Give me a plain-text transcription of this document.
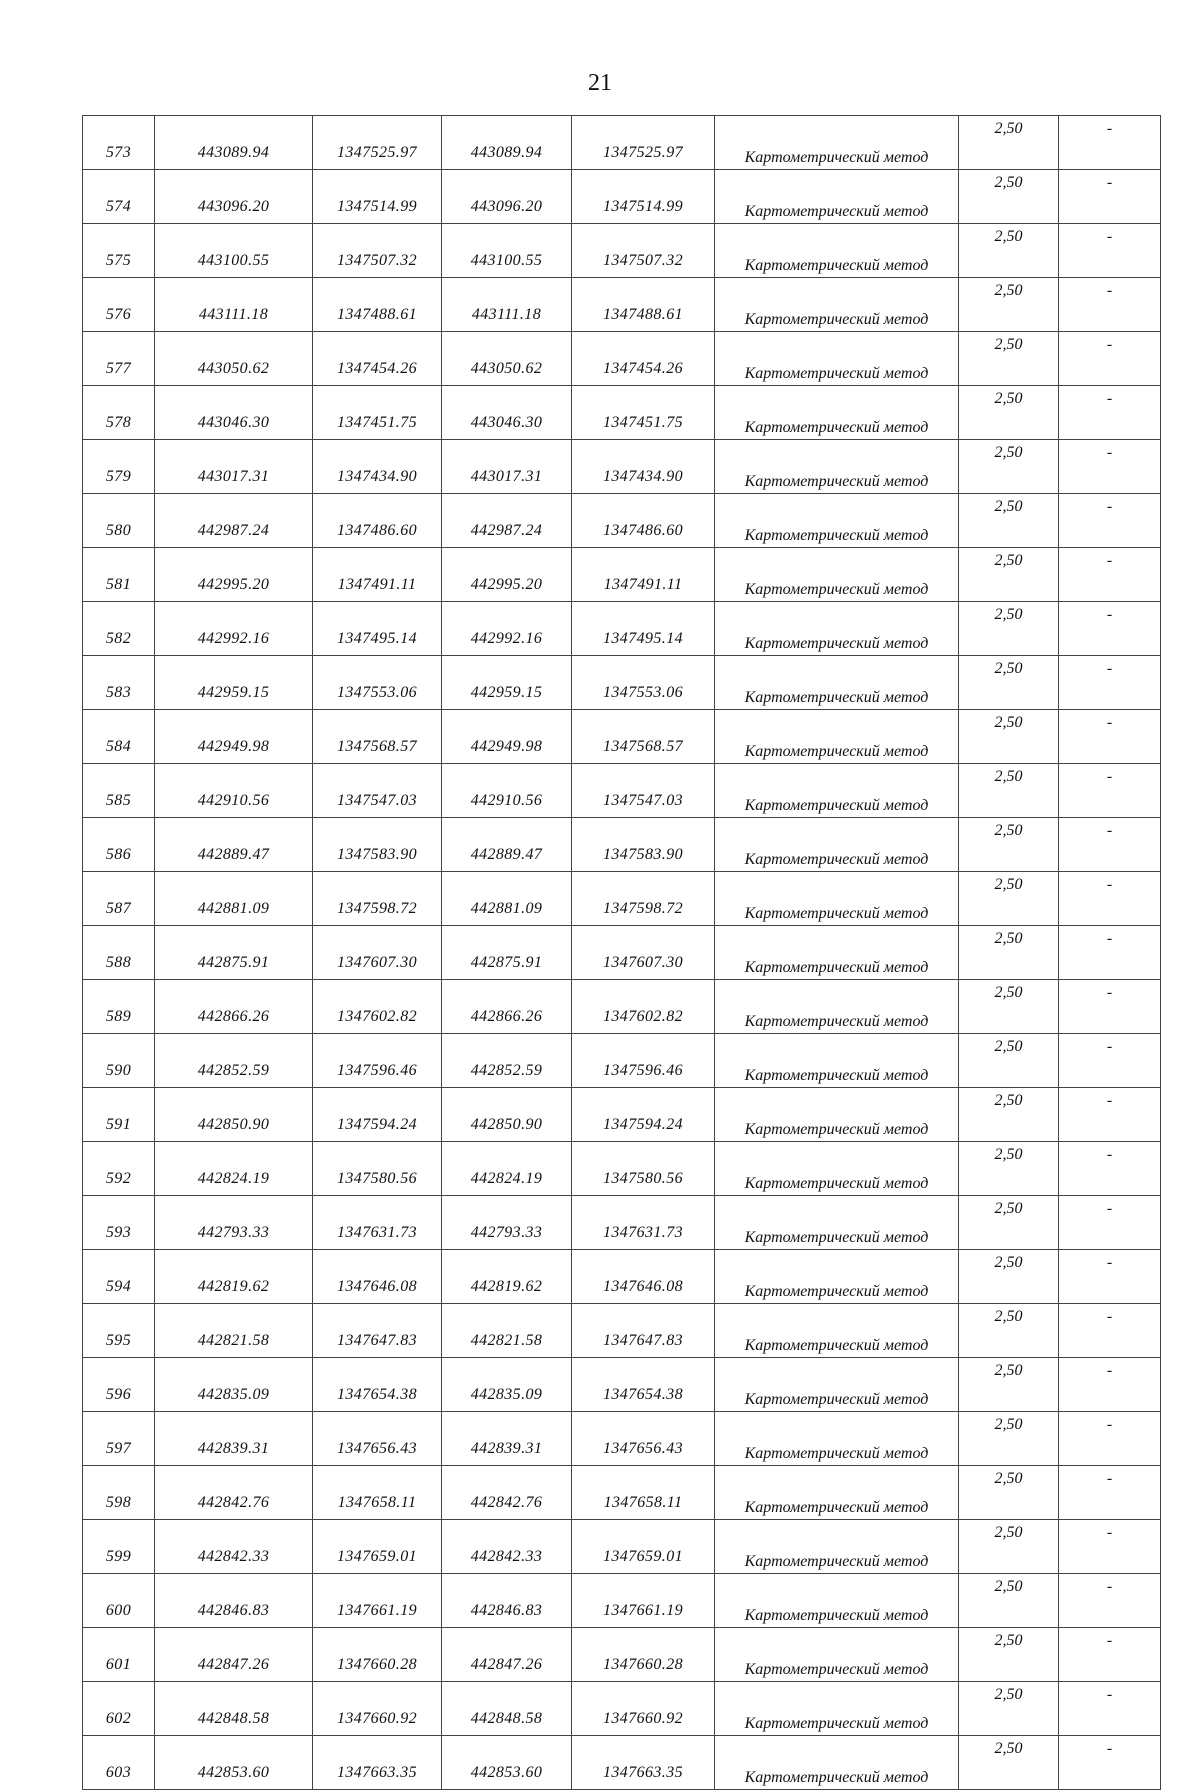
21
573	443089.94	1347525.97	443089.94	1347525.97	Картометрический метод	2,50	-
574	443096.20	1347514.99	443096.20	1347514.99	Картометрический метод	2,50	-
575	443100.55	1347507.32	443100.55	1347507.32	Картометрический метод	2,50	-
576	443111.18	1347488.61	443111.18	1347488.61	Картометрический метод	2,50	-
577	443050.62	1347454.26	443050.62	1347454.26	Картометрический метод	2,50	-
578	443046.30	1347451.75	443046.30	1347451.75	Картометрический метод	2,50	-
579	443017.31	1347434.90	443017.31	1347434.90	Картометрический метод	2,50	-
580	442987.24	1347486.60	442987.24	1347486.60	Картометрический метод	2,50	-
581	442995.20	1347491.11	442995.20	1347491.11	Картометрический метод	2,50	-
582	442992.16	1347495.14	442992.16	1347495.14	Картометрический метод	2,50	-
583	442959.15	1347553.06	442959.15	1347553.06	Картометрический метод	2,50	-
584	442949.98	1347568.57	442949.98	1347568.57	Картометрический метод	2,50	-
585	442910.56	1347547.03	442910.56	1347547.03	Картометрический метод	2,50	-
586	442889.47	1347583.90	442889.47	1347583.90	Картометрический метод	2,50	-
587	442881.09	1347598.72	442881.09	1347598.72	Картометрический метод	2,50	-
588	442875.91	1347607.30	442875.91	1347607.30	Картометрический метод	2,50	-
589	442866.26	1347602.82	442866.26	1347602.82	Картометрический метод	2,50	-
590	442852.59	1347596.46	442852.59	1347596.46	Картометрический метод	2,50	-
591	442850.90	1347594.24	442850.90	1347594.24	Картометрический метод	2,50	-
592	442824.19	1347580.56	442824.19	1347580.56	Картометрический метод	2,50	-
593	442793.33	1347631.73	442793.33	1347631.73	Картометрический метод	2,50	-
594	442819.62	1347646.08	442819.62	1347646.08	Картометрический метод	2,50	-
595	442821.58	1347647.83	442821.58	1347647.83	Картометрический метод	2,50	-
596	442835.09	1347654.38	442835.09	1347654.38	Картометрический метод	2,50	-
597	442839.31	1347656.43	442839.31	1347656.43	Картометрический метод	2,50	-
598	442842.76	1347658.11	442842.76	1347658.11	Картометрический метод	2,50	-
599	442842.33	1347659.01	442842.33	1347659.01	Картометрический метод	2,50	-
600	442846.83	1347661.19	442846.83	1347661.19	Картометрический метод	2,50	-
601	442847.26	1347660.28	442847.26	1347660.28	Картометрический метод	2,50	-
602	442848.58	1347660.92	442848.58	1347660.92	Картометрический метод	2,50	-
603	442853.60	1347663.35	442853.60	1347663.35	Картометрический метод	2,50	-
